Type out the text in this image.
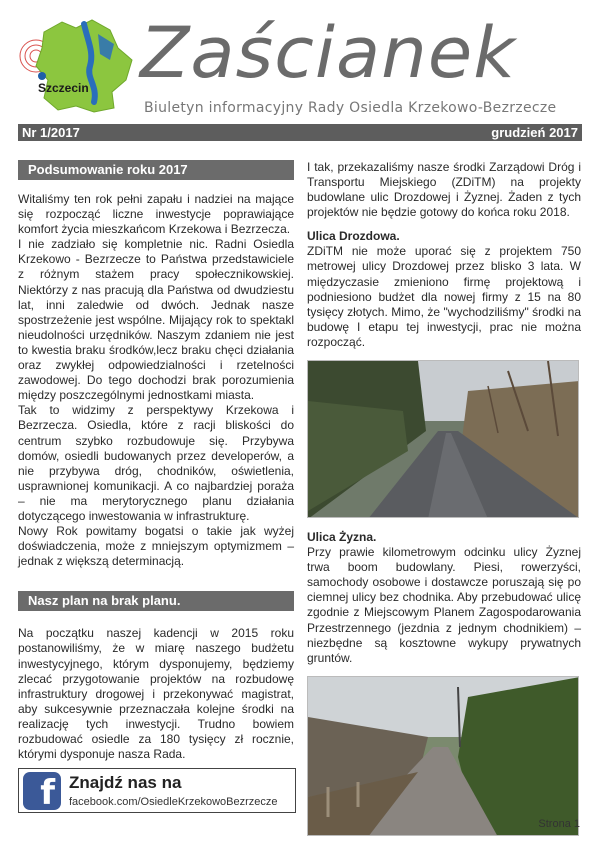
Szczecin Zaścianek
Biuletyn informacyjny Rady Osiedla Krzekowo-Bezrzecze
Nr 1/2017	grudzień 2017
Podsumowanie roku 2017

Witaliśmy ten rok pełni zapału i nadziei na mające się rozpocząć liczne inwestycje poprawiające komfort życia mieszkańcom Krzekowa i Bezrzecza.

I nie zadziało się kompletnie nic. Radni Osiedla Krzekowo - Bezrzecze to Państwa przedstawiciele z różnym stażem pracy społecznikowskiej. Niektórzy z nas pracują dla Państwa od dwudziestu lat, inni zaledwie od dwóch. Jednak nasze spostrzeżenie jest wspólne. Mijający rok to spektakl nieudolności urzędników. Naszym zdaniem nie jest to kwestia braku środków,lecz braku chęci działania oraz zwykłej odpowiedzialności i rzetelności zawodowej. Do tego dochodzi brak porozumienia między poszczególnymi jednostkami miasta.

Tak to widzimy z perspektywy Krzekowa i Bezrzecza. Osiedla, które z racji bliskości do centrum szybko rozbudowuje się. Przybywa domów, osiedli budowanych przez developerów, a nie przybywa dróg, chodników, oświetlenia, usprawnionej komunikacji. A co najbardziej poraża – nie ma merytorycznego planu działania dotyczącego inwestowania w infrastrukturę.

Nowy Rok powitamy bogatsi o takie jak wyżej doświadczenia, może z mniejszym optymizmem –jednak z większą determinacją.

Nasz plan na brak planu.

Na początku naszej kadencji w 2015 roku postanowiliśmy, że w miarę naszego budżetu inwestycyjnego, którym dysponujemy, będziemy zlecać przygotowanie projektów na rozbudowę infrastruktury drogowej i przekonywać magistrat, aby sukcesywnie przeznaczała kolejne środki na realizację tych inwestycji. Trudno bowiem rozbudować osiedle za 180 tysięcy zł rocznie, którymi dysponuje nasza Rada.

I tak, przekazaliśmy nasze środki Zarządowi Dróg i Transportu Miejskiego (ZDiTM) na projekty budowlane ulic Drozdowej i Żyznej. Żaden z tych projektów nie będzie gotowy do końca roku 2018.

Ulica Drozdowa.

ZDiTM nie może uporać się z projektem 750 metrowej ulicy Drozdowej przez blisko 3 lata. W międzyczasie zmieniono firmę projektową i podniesiono budżet dla nowej firmy z 15 na 80 tysięcy złotych. Mimo, że "wychodziliśmy" środki na budowę I etapu tej inwestycji, prac nie można rozpocząć.

Ulica Żyzna.

Przy prawie kilometrowym odcinku ulicy Żyznej trwa boom budowlany. Piesi, rowerzyści, samochody osobowe i dostawcze poruszają się po ciemnej ulicy bez chodnika. Aby przebudować ulicę zgodnie z Miejscowym Planem Zagospodarowania Przestrzennego (jezdnia z jednym chodnikiem) – niezbędne są kosztowne wykupy prywatnych gruntów.

f Znajdź nas na
facebook.com/OsiedleKrzekowoBezrzecze
Strona 1
